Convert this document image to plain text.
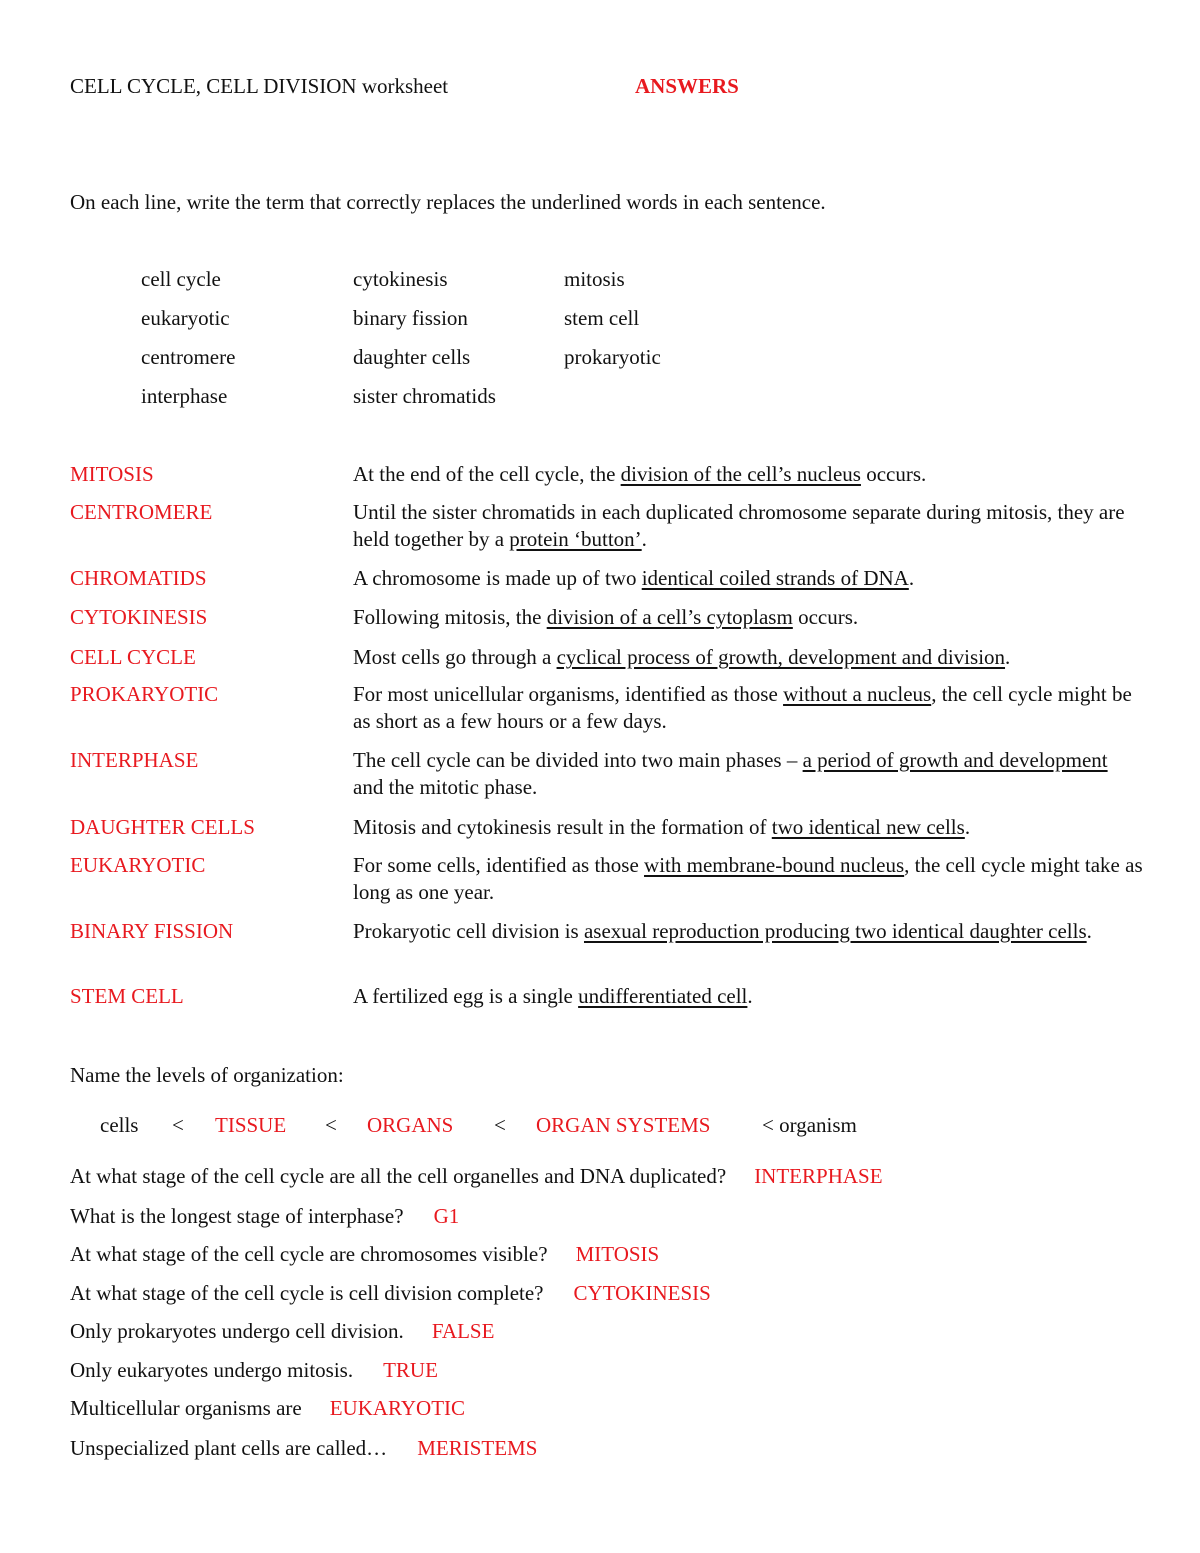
CELL CYCLE, CELL DIVISION worksheet	ANSWERS
On each line, write the term that correctly replaces the underlined words in each sentence.
cell cycle	cytokinesis	mitosis
eukaryotic	binary fission	stem cell
centromere	daughter cells	prokaryotic
interphase	sister chromatids
MITOSIS	At the end of the cell cycle, the division of the cell’s nucleus occurs.
CENTROMERE	Until the sister chromatids in each duplicated chromosome separate during mitosis, they are held together by a protein ‘button’.
CHROMATIDS	A chromosome is made up of two identical coiled strands of DNA.
CYTOKINESIS	Following mitosis, the division of a cell’s cytoplasm occurs.
CELL CYCLE	Most cells go through a cyclical process of growth, development and division.
PROKARYOTIC	For most unicellular organisms, identified as those without a nucleus, the cell cycle might be as short as a few hours or a few days.
INTERPHASE	The cell cycle can be divided into two main phases – a period of growth and development and the mitotic phase.
DAUGHTER CELLS	Mitosis and cytokinesis result in the formation of two identical new cells.
EUKARYOTIC	For some cells, identified as those with membrane-bound nucleus, the cell cycle might take as long as one year.
BINARY FISSION	Prokaryotic cell division is asexual reproduction producing two identical daughter cells.
STEM CELL	A fertilized egg is a single undifferentiated cell.
Name the levels of organization:
cells < TISSUE < ORGANS < ORGAN SYSTEMS < organism
At what stage of the cell cycle are all the cell organelles and DNA duplicated? INTERPHASE
What is the longest stage of interphase? G1
At what stage of the cell cycle are chromosomes visible? MITOSIS
At what stage of the cell cycle is cell division complete? CYTOKINESIS
Only prokaryotes undergo cell division. FALSE
Only eukaryotes undergo mitosis. TRUE
Multicellular organisms are EUKARYOTIC
Unspecialized plant cells are called… MERISTEMS
